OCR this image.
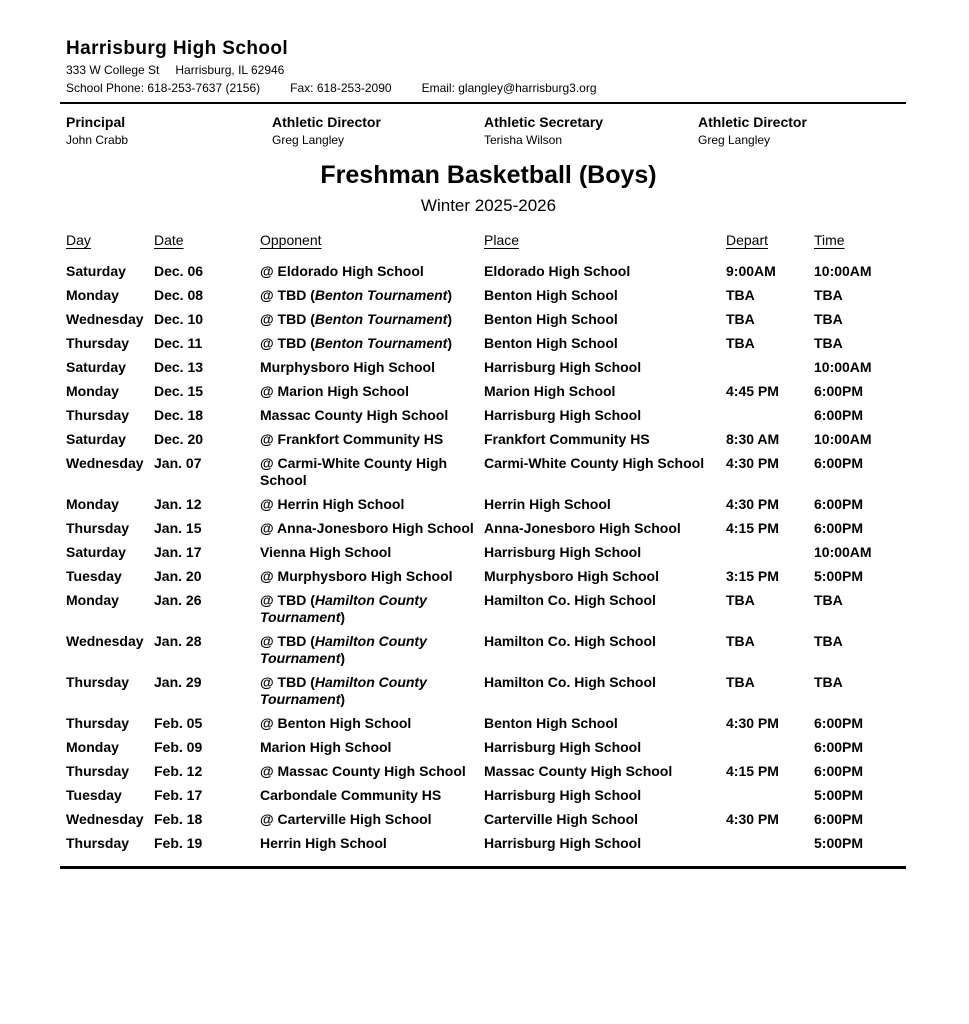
Harrisburg High School
333 W College St Harrisburg, IL 62946
School Phone: 618-253-7637 (2156)	Fax: 618-253-2090	Email: glangley@harrisburg3.org
Principal
John Crabb
Athletic Director
Greg Langley
Athletic Secretary
Terisha Wilson
Athletic Director
Greg Langley
Freshman Basketball (Boys)
Winter 2025-2026
Day	Date	Opponent	Place	Depart	Time
Saturday	Dec. 06	@ Eldorado High School	Eldorado High School	9:00AM	10:00AM
Monday	Dec. 08	@ TBD (Benton Tournament)	Benton High School	TBA	TBA
Wednesday	Dec. 10	@ TBD (Benton Tournament)	Benton High School	TBA	TBA
Thursday	Dec. 11	@ TBD (Benton Tournament)	Benton High School	TBA	TBA
Saturday	Dec. 13	Murphysboro High School	Harrisburg High School		10:00AM
Monday	Dec. 15	@ Marion High School	Marion High School	4:45 PM	6:00PM
Thursday	Dec. 18	Massac County High School	Harrisburg High School		6:00PM
Saturday	Dec. 20	@ Frankfort Community HS	Frankfort Community HS	8:30 AM	10:00AM
Wednesday	Jan. 07	@ Carmi-White County High School	Carmi-White County High School	4:30 PM	6:00PM
Monday	Jan. 12	@ Herrin High School	Herrin High School	4:30 PM	6:00PM
Thursday	Jan. 15	@ Anna-Jonesboro High School	Anna-Jonesboro High School	4:15 PM	6:00PM
Saturday	Jan. 17	Vienna High School	Harrisburg High School		10:00AM
Tuesday	Jan. 20	@ Murphysboro High School	Murphysboro High School	3:15 PM	5:00PM
Monday	Jan. 26	@ TBD (Hamilton County Tournament)	Hamilton Co. High School	TBA	TBA
Wednesday	Jan. 28	@ TBD (Hamilton County Tournament)	Hamilton Co. High School	TBA	TBA
Thursday	Jan. 29	@ TBD (Hamilton County Tournament)	Hamilton Co. High School	TBA	TBA
Thursday	Feb. 05	@ Benton High School	Benton High School	4:30 PM	6:00PM
Monday	Feb. 09	Marion High School	Harrisburg High School		6:00PM
Thursday	Feb. 12	@ Massac County High School	Massac County High School	4:15 PM	6:00PM
Tuesday	Feb. 17	Carbondale Community HS	Harrisburg High School		5:00PM
Wednesday	Feb. 18	@ Carterville High School	Carterville High School	4:30 PM	6:00PM
Thursday	Feb. 19	Herrin High School	Harrisburg High School		5:00PM
